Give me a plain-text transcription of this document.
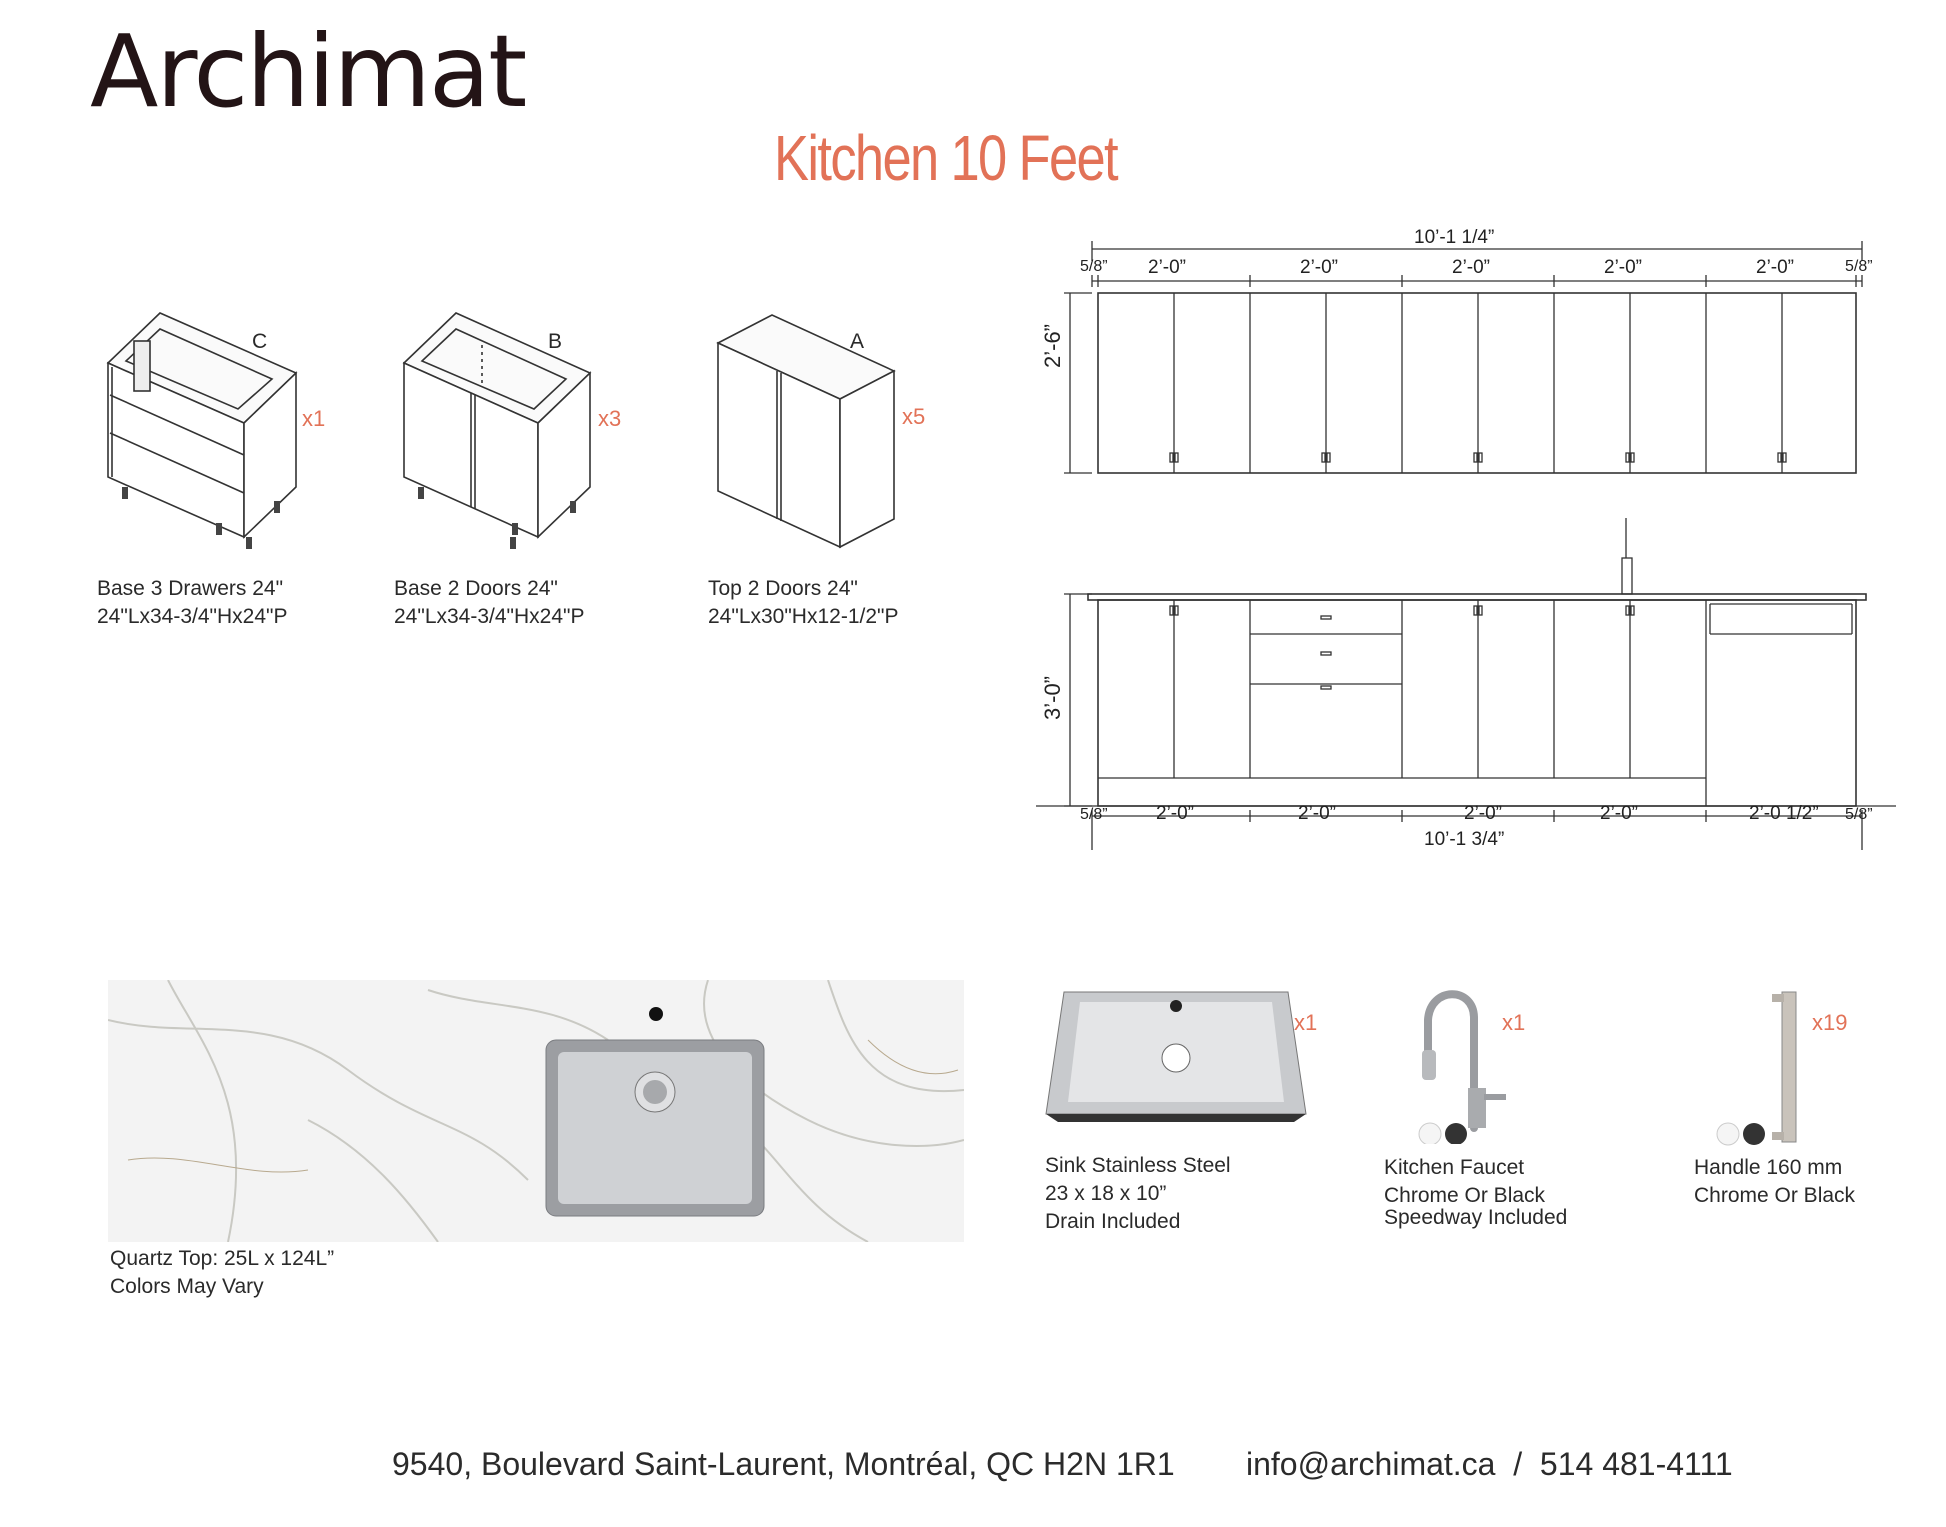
Archimat
Kitchen 10 Feet
C
x1
B
x3
A
x5
Base 3 Drawers 24"
24"Lx34-3/4"Hx24"P
Base 2 Doors 24"
24"Lx34-3/4"Hx24"P
Top 2 Doors 24"
24"Lx30"Hx12-1/2"P
10’-1 1/4”
5/8”	5/8”
2’-0”	2’-0”	2’-0”	2’-0”	2’-0”
2’-6”
5/8”	5/8”
2’-0”	2’-0”	2’-0”	2’-0”	2’-0 1/2”
10’-1 3/4”
3’-0”
Quartz Top: 25L x 124L”
Colors May Vary
x1
Sink Stainless Steel
23 x 18 x 10”
Drain Included
x1
Kitchen Faucet
Chrome Or Black
Speedway Included
x19
Handle 160 mm
Chrome Or Black
9540, Boulevard Saint-Laurent, Montréal, QC H2N 1R1 info@archimat.ca  /  514 481-4111
